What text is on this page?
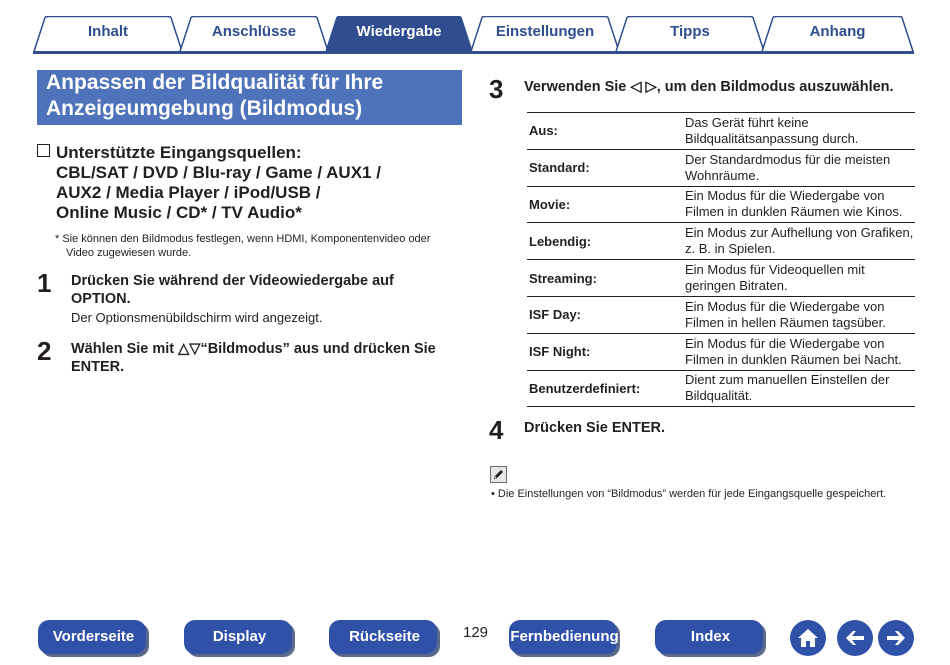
Inhalt	Anschlüsse	Wiedergabe	Einstellungen	Tipps	Anhang
Anpassen der Bildqualität für Ihre
Anzeigeumgebung (Bildmodus)
Unterstützte Eingangsquellen:
CBL/SAT / DVD / Blu-ray / Game / AUX1 /
AUX2 / Media Player / iPod/USB /
Online Music / CD* / TV Audio*
* Sie können den Bildmodus festlegen, wenn HDMI, Komponentenvideo oder
Video zugewiesen wurde.
1 Drücken Sie während der Videowiedergabe auf
OPTION.
Der Optionsmenübildschirm wird angezeigt.
2 Wählen Sie mit △▽“Bildmodus” aus und drücken Sie
ENTER.
3 Verwenden Sie ◁ ▷, um den Bildmodus auszuwählen.
Aus:	Das Gerät führt keine
Bildqualitätsanpassung durch.

Standard:	Der Standardmodus für die meisten
Wohnräume.

Movie:	Ein Modus für die Wiedergabe von
Filmen in dunklen Räumen wie Kinos.

Lebendig:	Ein Modus zur Aufhellung von Grafiken,
z. B. in Spielen.

Streaming:	Ein Modus für Videoquellen mit
geringen Bitraten.

ISF Day:	Ein Modus für die Wiedergabe von
Filmen in hellen Räumen tagsüber.

ISF Night:	Ein Modus für die Wiedergabe von
Filmen in dunklen Räumen bei Nacht.

Benutzerdefiniert:	Dient zum manuellen Einstellen der
Bildqualität.
4 Drücken Sie ENTER.
• Die Einstellungen von “Bildmodus” werden für jede Eingangsquelle gespeichert.
Vorderseite	Display	Rückseite	129 Fernbedienung	Index
